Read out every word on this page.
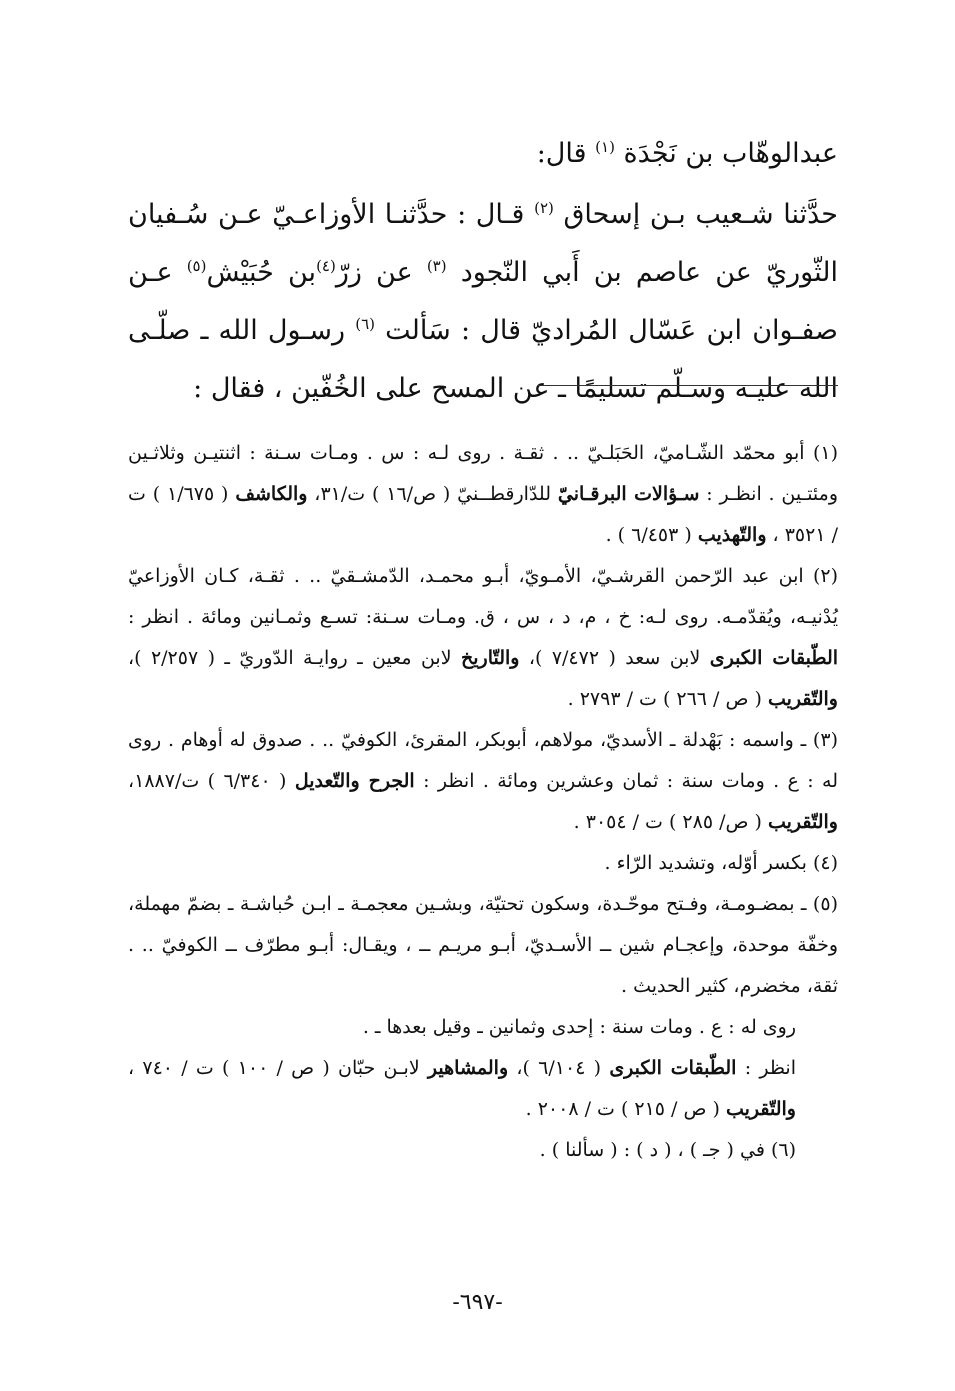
عبدالوهّاب بن نَجْدَة $^{(١)}$ قال:

حدَّثنا شـعيب بـن إسحاق $^{(٢)}$ قـال : حدَّثنـا الأوزاعـيّ عـن سُـفيان الثّوريّ عن عاصم بن أَبي النّجود $^{(٣)}$ عن زرّ$^{(٤)}$بن حُبَيْش$^{(٥)}$ عـن صفـوان ابن عَسّال المُراديّ قال : سَألت $^{(٦)}$ رسـول الله ـ صلّـى الله عليـه وسـلّم تسليمًا ـ عن المسح على الخُفّين ، فقال :

(١) أبو محمّد الشّـاميّ، الحَبَلـيّ .. . ثقـة . روى لـه : س . ومـات سـنة : اثنتيـن وثلاثـين ومئتـين . انظـر : سـؤالات البرقـانيّ للدّارقطــنيّ ( ص/١٦ ) ت/٣١، والكاشف ( ١/٦٧٥ ) ت / ٣٥٢١ ، والتّهذيب ( ٦/٤٥٣ ) .

(٢) ابن عبد الرّحمن القرشـيّ، الأمـويّ، أبـو محمـد، الدّمشـقيّ .. . ثقـة، كـان الأوزاعيّ يُدْنيـه، ويُقدّمـه. روى لـه: خ ، م، د ، س ، ق. ومـات سـنة: تسـع وثمـانين ومائة . انظر : الطّبقات الكبرى لابن سعد ( ٧/٤٧٢ )، والتّاريخ لابن معين ـ روايـة الدّوريّ ـ ( ٢/٢٥٧ )، والتّقريب ( ص / ٢٦٦ ) ت / ٢٧٩٣ .

(٣) ـ واسمه : بَهْدلة ـ الأسديّ، مولاهم، أبوبكر، المقرئ، الكوفيّ .. . صدوق له أوهام . روى له : ع . ومات سنة : ثمان وعشرين ومائة . انظر : الجرح والتّعديل ( ٦/٣٤٠ ) ت/١٨٨٧، والتّقريب ( ص/ ٢٨٥ ) ت / ٣٠٥٤ .

(٤) بكسر أوّله، وتشديد الرّاء .

(٥) ـ بمضـومـة، وفـتح موحّـدة، وسكون تحتيّة، وبشـين معجمـة ـ ابـن حُباشـة ـ بضمّ مهملة، وخفّة موحدة، وإعجـام شين ــ الأسـديّ، أبـو مريـم ــ ، ويقـال: أبـو مطرّف ــ الكوفيّ .. . ثقة، مخضرم، كثير الحديث .

روى له : ع . ومات سنة : إحدى وثمانين ـ وقيل بعدها ـ .

انظر : الطّبقات الكبرى ( ٦/١٠٤ )، والمشاهير لابـن حبّان ( ص / ١٠٠ ) ت / ٧٤٠ ، والتّقريب ( ص / ٢١٥ ) ت / ٢٠٠٨ .

(٦) في ( جـ ) ، ( د ) : ( سألنا ) .

-٦٩٧-
